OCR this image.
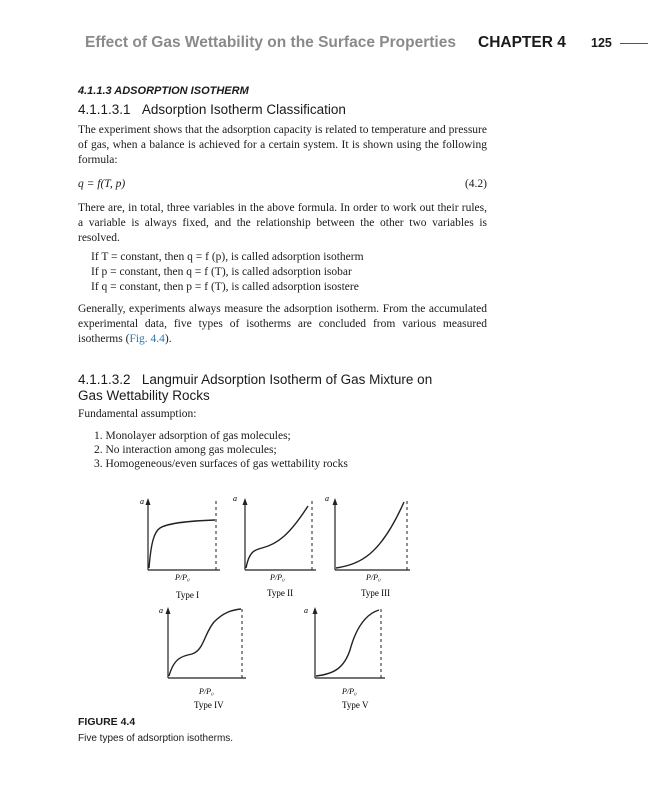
Effect of Gas Wettability on the Surface Properties CHAPTER 4 125
4.1.1.3 ADSORPTION ISOTHERM
4.1.1.3.1 Adsorption Isotherm Classification
The experiment shows that the adsorption capacity is related to temperature and pressure of gas, when a balance is achieved for a certain system. It is shown using the following formula:
q = f(T, p)	(4.2)
There are, in total, three variables in the above formula. In order to work out their rules, a variable is always fixed, and the relationship between the other two variables is resolved.
If T = constant, then q = f (p), is called adsorption isotherm
If p = constant, then q = f (T), is called adsorption isobar
If q = constant, then p = f (T), is called adsorption isostere
Generally, experiments always measure the adsorption isotherm. From the accumulated experimental data, five types of isotherms are concluded from various measured isotherms (Fig. 4.4).
4.1.1.3.2 Langmuir Adsorption Isotherm of Gas Mixture on
Gas Wettability Rocks
Fundamental assumption:
1. Monolayer adsorption of gas molecules;
2. No interaction among gas molecules;
3. Homogeneous/even surfaces of gas wettability rocks
a
P/P₀
Type I
a
P/P₀
Type II
a
P/P₀
Type III
a
P/P₀
Type IV
a
P/P₀
Type V
FIGURE 4.4
Five types of adsorption isotherms.
